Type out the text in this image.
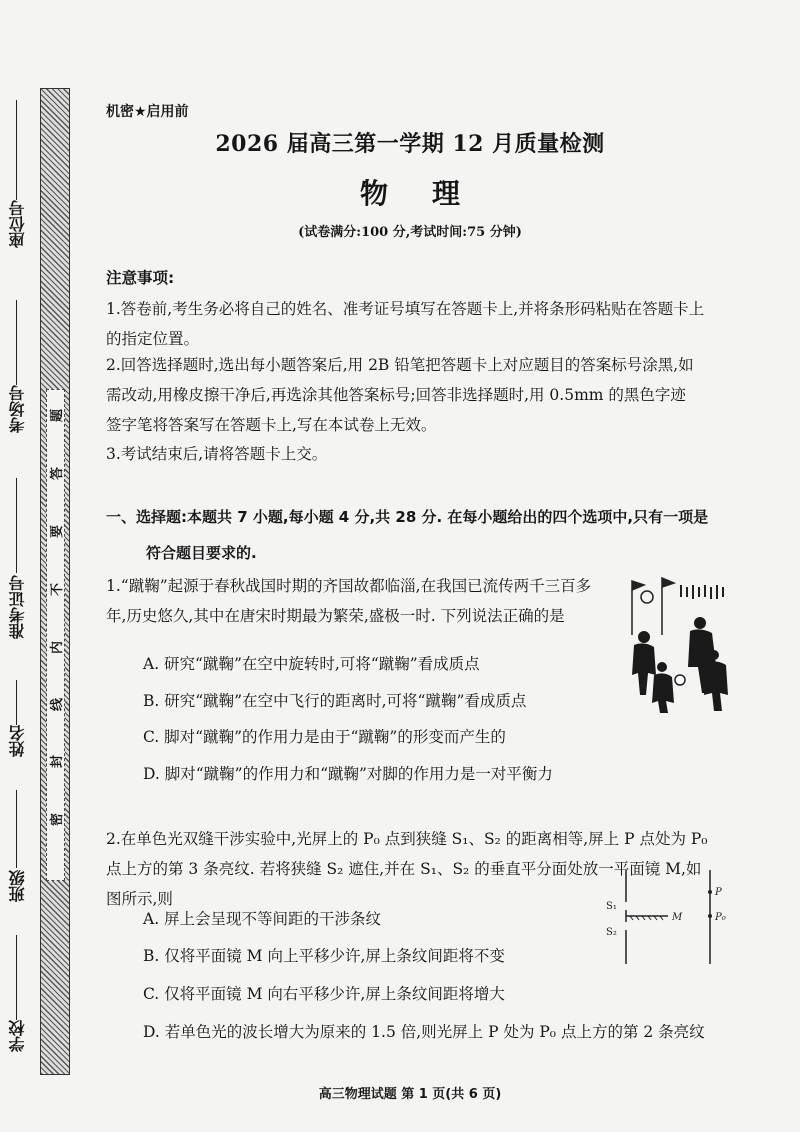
座位号
考场号
准考证号
姓名
班级
学校
密
封
线
内
不
要
答
题
机密★启用前
2026 届高三第一学期 12 月质量检测
物理
(试卷满分:100 分,考试时间:75 分钟)
注意事项:
1.答卷前,考生务必将自己的姓名、准考证号填写在答题卡上,并将条形码粘贴在答题卡上
的指定位置。
2.回答选择题时,选出每小题答案后,用 2B 铅笔把答题卡上对应题目的答案标号涂黑,如
需改动,用橡皮擦干净后,再选涂其他答案标号;回答非选择题时,用 0.5mm 的黑色字迹
签字笔将答案写在答题卡上,写在本试卷上无效。
3.考试结束后,请将答题卡上交。
一、选择题:本题共 7 小题,每小题 4 分,共 28 分. 在每小题给出的四个选项中,只有一项是
符合题目要求的.
1.“蹴鞠”起源于春秋战国时期的齐国故都临淄,在我国已流传两千三百多
年,历史悠久,其中在唐宋时期最为繁荣,盛极一时. 下列说法正确的是
A. 研究“蹴鞠”在空中旋转时,可将“蹴鞠”看成质点
B. 研究“蹴鞠”在空中飞行的距离时,可将“蹴鞠”看成质点
C. 脚对“蹴鞠”的作用力是由于“蹴鞠”的形变而产生的
D. 脚对“蹴鞠”的作用力和“蹴鞠”对脚的作用力是一对平衡力
2.在单色光双缝干涉实验中,光屏上的 P₀ 点到狭缝 S₁、S₂ 的距离相等,屏上 P 点处为 P₀
点上方的第 3 条亮纹. 若将狭缝 S₂ 遮住,并在 S₁、S₂ 的垂直平分面处放一平面镜 M,如
图所示,则
A. 屏上会呈现不等间距的干涉条纹
B. 仅将平面镜 M 向上平移少许,屏上条纹间距将不变
C. 仅将平面镜 M 向右平移少许,屏上条纹间距将增大
D. 若单色光的波长增大为原来的 1.5 倍,则光屏上 P 处为 P₀ 点上方的第 2 条亮纹
S₁
S₂
M
P
P₀
高三物理试题 第 1 页(共 6 页)
